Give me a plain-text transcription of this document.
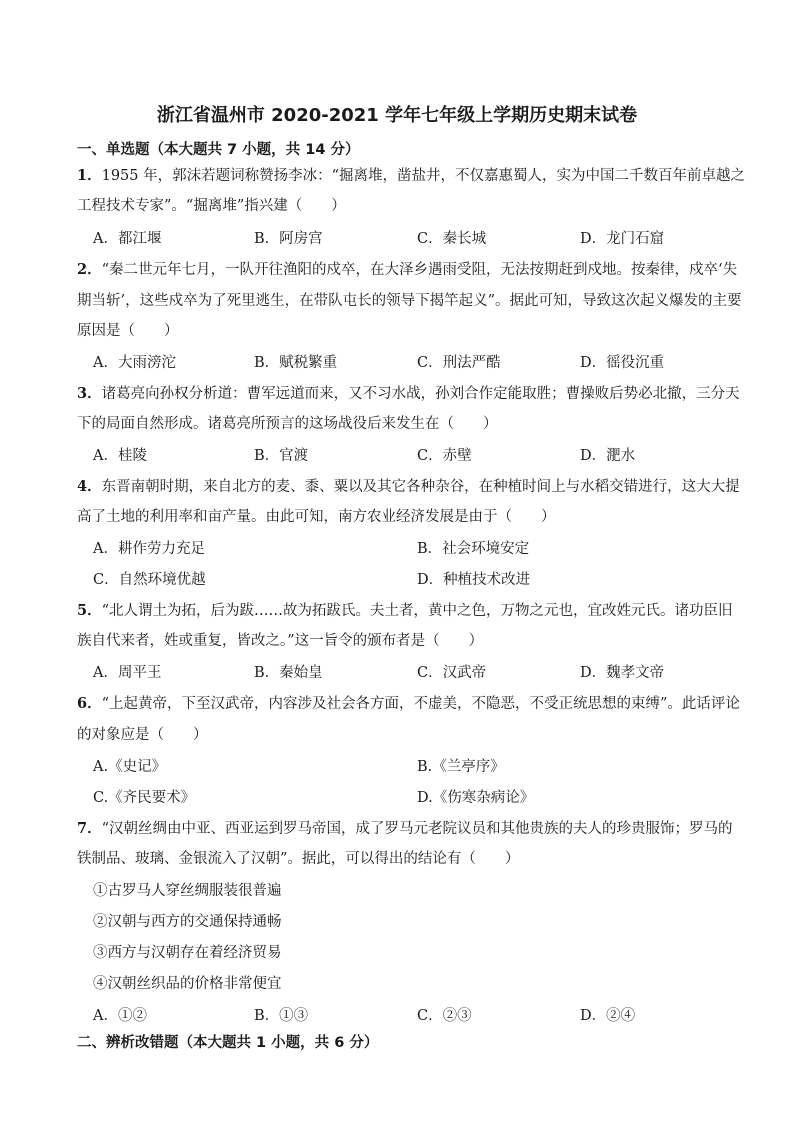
浙江省温州市 2020-2021 学年七年级上学期历史期末试卷
一、单选题（本大题共 7 小题，共 14 分）
1．1955 年，郭沫若题词称赞扬李冰：“掘离堆，凿盐井，不仅嘉惠蜀人，实为中国二千数百年前卓越之
工程技术专家”。“掘离堆”指兴建（　　）
A．都江堰	B．阿房宫	C．秦长城	D．龙门石窟
2．“秦二世元年七月，一队开往渔阳的戍卒，在大泽乡遇雨受阻，无法按期赶到戍地。按秦律，戍卒‘失
期当斩’，这些戍卒为了死里逃生，在带队屯长的领导下揭竿起义”。据此可知，导致这次起义爆发的主要
原因是（　　）
A．大雨滂沱	B．赋税繁重	C．刑法严酷	D．徭役沉重
3．诸葛亮向孙权分析道：曹军远道而来，又不习水战，孙刘合作定能取胜；曹操败后势必北撤，三分天
下的局面自然形成。诸葛亮所预言的这场战役后来发生在（　　）
A．桂陵	B．官渡	C．赤壁	D．淝水
4．东晋南朝时期，来自北方的麦、黍、粟以及其它各种杂谷，在种植时间上与水稻交错进行，这大大提
高了土地的利用率和亩产量。由此可知，南方农业经济发展是由于（　　）
A．耕作劳力充足	B．社会环境安定
C．自然环境优越	D．种植技术改进
5．“北人谓土为拓，后为跋……故为拓跋氏。夫土者，黄中之色，万物之元也，宜改姓元氏。诸功臣旧
族自代来者，姓或重复，皆改之。”这一旨令的颁布者是（　　）
A．周平王	B．秦始皇	C．汉武帝	D．魏孝文帝
6．“上起黄帝，下至汉武帝，内容涉及社会各方面，不虚美，不隐恶，不受正统思想的束缚”。此话评论
的对象应是（　　）
A.《史记》	B.《兰亭序》
C.《齐民要术》	D.《伤寒杂病论》
7．“汉朝丝绸由中亚、西亚运到罗马帝国，成了罗马元老院议员和其他贵族的夫人的珍贵服饰；罗马的
铁制品、玻璃、金银流入了汉朝”。据此，可以得出的结论有（　　）
①古罗马人穿丝绸服装很普遍
②汉朝与西方的交通保持通畅
③西方与汉朝存在着经济贸易
④汉朝丝织品的价格非常便宜
A．①②	B．①③	C．②③	D．②④
二、辨析改错题（本大题共 1 小题，共 6 分）
